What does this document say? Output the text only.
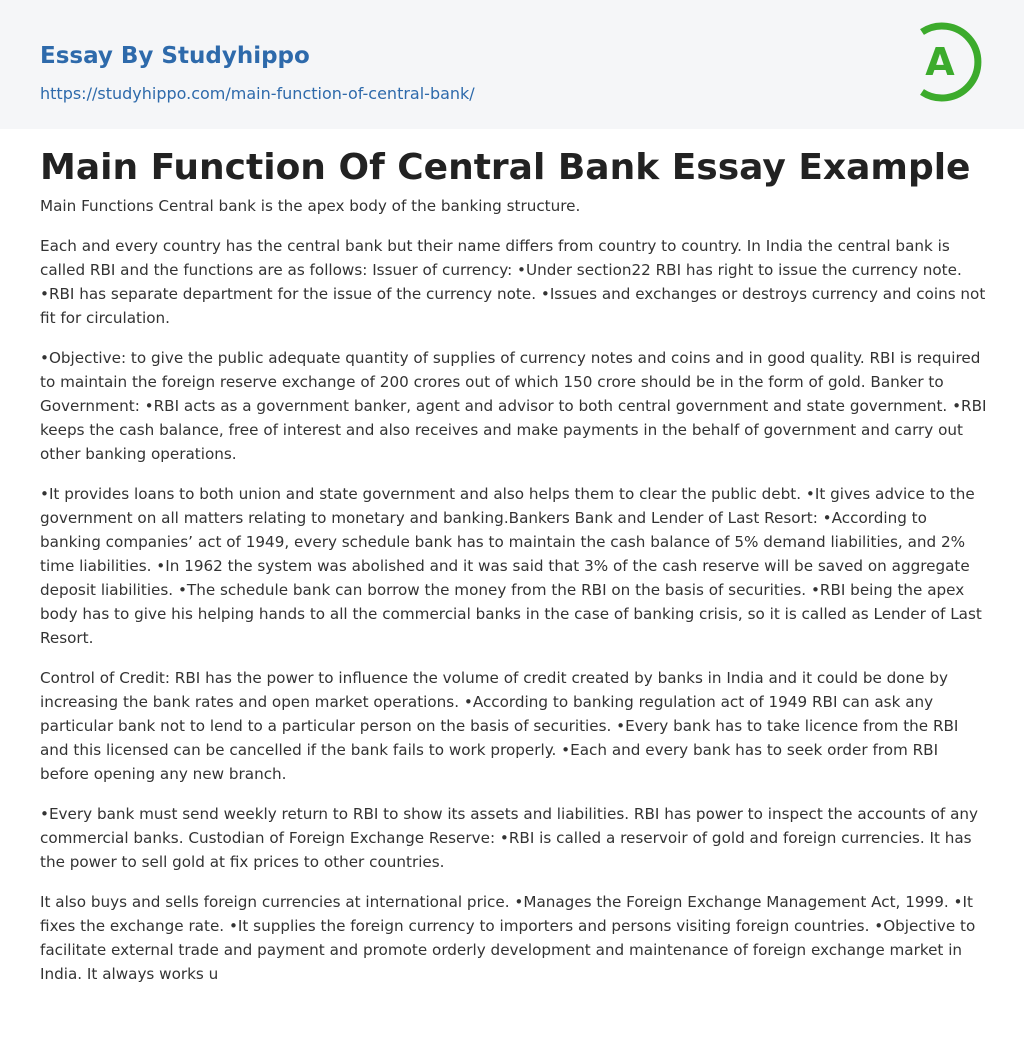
Essay By Studyhippo
https://studyhippo.com/main-function-of-central-bank/
A
Main Function Of Central Bank Essay Example

Main Functions Central bank is the apex body of the banking structure.

Each and every country has the central bank but their name differs from country to country. In India the central bank is called RBI and the functions are as follows: Issuer of currency: •Under section22 RBI has right to issue the currency note. •RBI has separate department for the issue of the currency note. •Issues and exchanges or destroys currency and coins not fit for circulation.

•Objective: to give the public adequate quantity of supplies of currency notes and coins and in good quality. RBI is required to maintain the foreign reserve exchange of 200 crores out of which 150 crore should be in the form of gold. Banker to Government: •RBI acts as a government banker, agent and advisor to both central government and state government. •RBI keeps the cash balance, free of interest and also receives and make payments in the behalf of government and carry out other banking operations.

•It provides loans to both union and state government and also helps them to clear the public debt. •It gives advice to the government on all matters relating to monetary and banking.Bankers Bank and Lender of Last Resort: •According to banking companies’ act of 1949, every schedule bank has to maintain the cash balance of 5% demand liabilities, and 2% time liabilities. •In 1962 the system was abolished and it was said that 3% of the cash reserve will be saved on aggregate deposit liabilities. •The schedule bank can borrow the money from the RBI on the basis of securities. •RBI being the apex body has to give his helping hands to all the commercial banks in the case of banking crisis, so it is called as Lender of Last Resort.

Control of Credit: RBI has the power to influence the volume of credit created by banks in India and it could be done by increasing the bank rates and open market operations. •According to banking regulation act of 1949 RBI can ask any particular bank not to lend to a particular person on the basis of securities. •Every bank has to take licence from the RBI and this licensed can be cancelled if the bank fails to work properly. •Each and every bank has to seek order from RBI before opening any new branch.

•Every bank must send weekly return to RBI to show its assets and liabilities. RBI has power to inspect the accounts of any commercial banks. Custodian of Foreign Exchange Reserve: •RBI is called a reservoir of gold and foreign currencies. It has the power to sell gold at fix prices to other countries.

It also buys and sells foreign currencies at international price. •Manages the Foreign Exchange Management Act, 1999. •It fixes the exchange rate. •It supplies the foreign currency to importers and persons visiting foreign countries. •Objective to facilitate external trade and payment and promote orderly development and maintenance of foreign exchange market in India. It always works u
